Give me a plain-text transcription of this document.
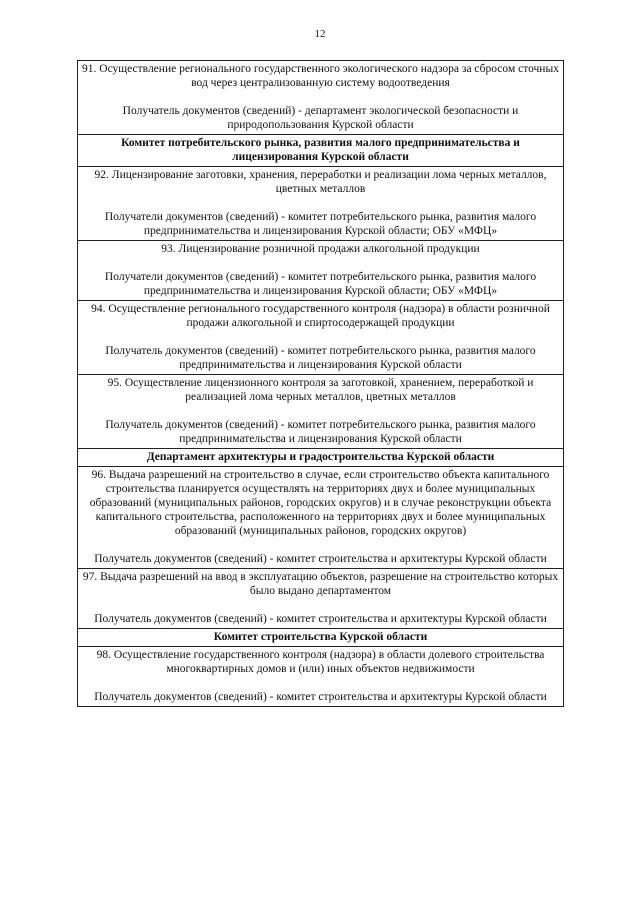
12

91. Осуществление регионального государственного экологического надзора за сбросом сточных вод через централизованную систему водоотведения

Получатель документов (сведений) - департамент экологической безопасности и природопользования Курской области

Комитет потребительского рынка, развития малого предпринимательства и лицензирования Курской области

92. Лицензирование заготовки, хранения, переработки и реализации лома черных металлов, цветных металлов

Получатели документов (сведений) - комитет потребительского рынка, развития малого предпринимательства и лицензирования Курской области; ОБУ «МФЦ»

93. Лицензирование розничной продажи алкогольной продукции

Получатели документов (сведений) - комитет потребительского рынка, развития малого предпринимательства и лицензирования Курской области; ОБУ «МФЦ»

94. Осуществление регионального государственного контроля (надзора) в области розничной продажи алкогольной и спиртосодержащей продукции

Получатель документов (сведений) - комитет потребительского рынка, развития малого предпринимательства и лицензирования Курской области

95. Осуществление лицензионного контроля за заготовкой, хранением, переработкой и реализацией лома черных металлов, цветных металлов

Получатель документов (сведений) - комитет потребительского рынка, развития малого предпринимательства и лицензирования Курской области

Департамент архитектуры и градостроительства Курской области

96. Выдача разрешений на строительство в случае, если строительство объекта капитального строительства планируется осуществлять на территориях двух и более муниципальных образований (муниципальных районов, городских округов) и в случае реконструкции объекта капитального строительства, расположенного на территориях двух и более муниципальных образований (муниципальных районов, городских округов)

Получатель документов (сведений) - комитет строительства и архитектуры Курской области

97. Выдача разрешений на ввод в эксплуатацию объектов, разрешение на строительство которых было выдано департаментом

Получатель документов (сведений) - комитет строительства и архитектуры Курской области

Комитет строительства Курской области

98. Осуществление государственного контроля (надзора) в области долевого строительства многоквартирных домов и (или) иных объектов недвижимости

Получатель документов (сведений) - комитет строительства и архитектуры Курской области
